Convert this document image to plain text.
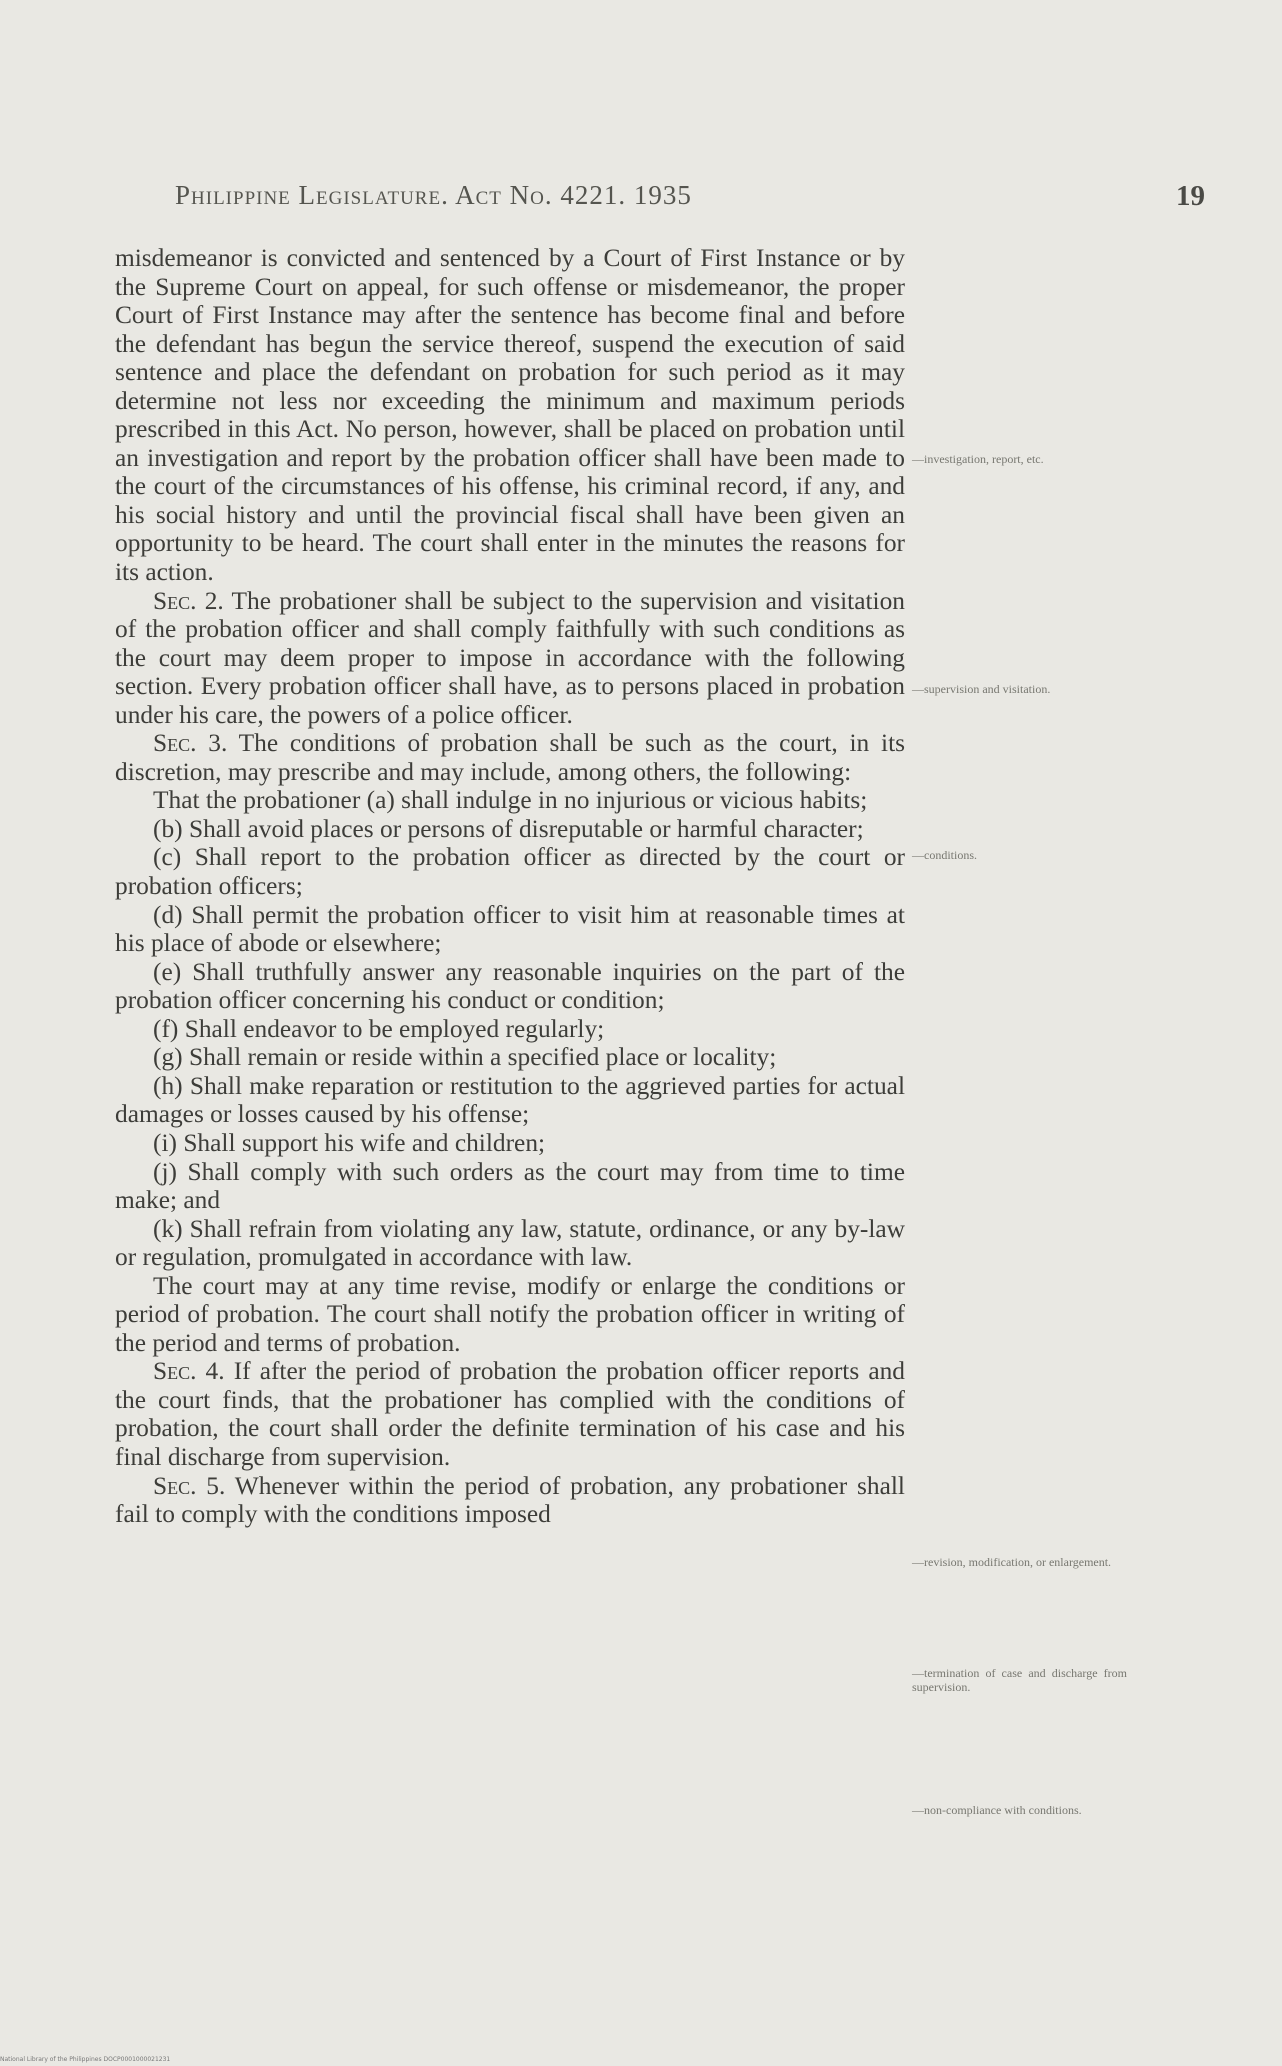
Philippine Legislature. Act No. 4221. 1935	19

misdemeanor is convicted and sentenced by a Court of First Instance or by the Supreme Court on appeal, for such offense or misdemeanor, the proper Court of First Instance may after the sentence has become final and before the defendant has begun the service thereof, suspend the execution of said sentence and place the defendant on probation for such period as it may determine not less nor exceeding the minimum and maximum periods prescribed in this Act. No person, however, shall be placed on probation until an investigation and report by the probation officer shall have been made to the court of the circumstances of his offense, his criminal record, if any, and his social history and until the provincial fiscal shall have been given an opportunity to be heard. The court shall enter in the minutes the reasons for its action.

Sec. 2. The probationer shall be subject to the supervision and visitation of the probation officer and shall comply faithfully with such conditions as the court may deem proper to impose in accordance with the following section. Every probation officer shall have, as to persons placed in probation under his care, the powers of a police officer.

Sec. 3. The conditions of probation shall be such as the court, in its discretion, may prescribe and may include, among others, the following:

That the probationer (a) shall indulge in no injurious or vicious habits;

(b) Shall avoid places or persons of disreputable or harmful character;

(c) Shall report to the probation officer as directed by the court or probation officers;

(d) Shall permit the probation officer to visit him at reasonable times at his place of abode or elsewhere;

(e) Shall truthfully answer any reasonable inquiries on the part of the probation officer concerning his conduct or condition;

(f) Shall endeavor to be employed regularly;

(g) Shall remain or reside within a specified place or locality;

(h) Shall make reparation or restitution to the aggrieved parties for actual damages or losses caused by his offense;

(i) Shall support his wife and children;

(j) Shall comply with such orders as the court may from time to time make; and

(k) Shall refrain from violating any law, statute, ordinance, or any by-law or regulation, promulgated in accordance with law.

The court may at any time revise, modify or enlarge the conditions or period of probation. The court shall notify the probation officer in writing of the period and terms of probation.

Sec. 4. If after the period of probation the probation officer reports and the court finds, that the probationer has complied with the conditions of probation, the court shall order the definite termination of his case and his final discharge from supervision.

Sec. 5. Whenever within the period of probation, any probationer shall fail to comply with the conditions imposed

—investigation, report, etc.
—supervision and visitation.
—conditions.
—revision, modification, or enlargement.
—termination of case and discharge from supervision.
—non-compliance with conditions.
National Library of the Philippines DOCP0001000021231
